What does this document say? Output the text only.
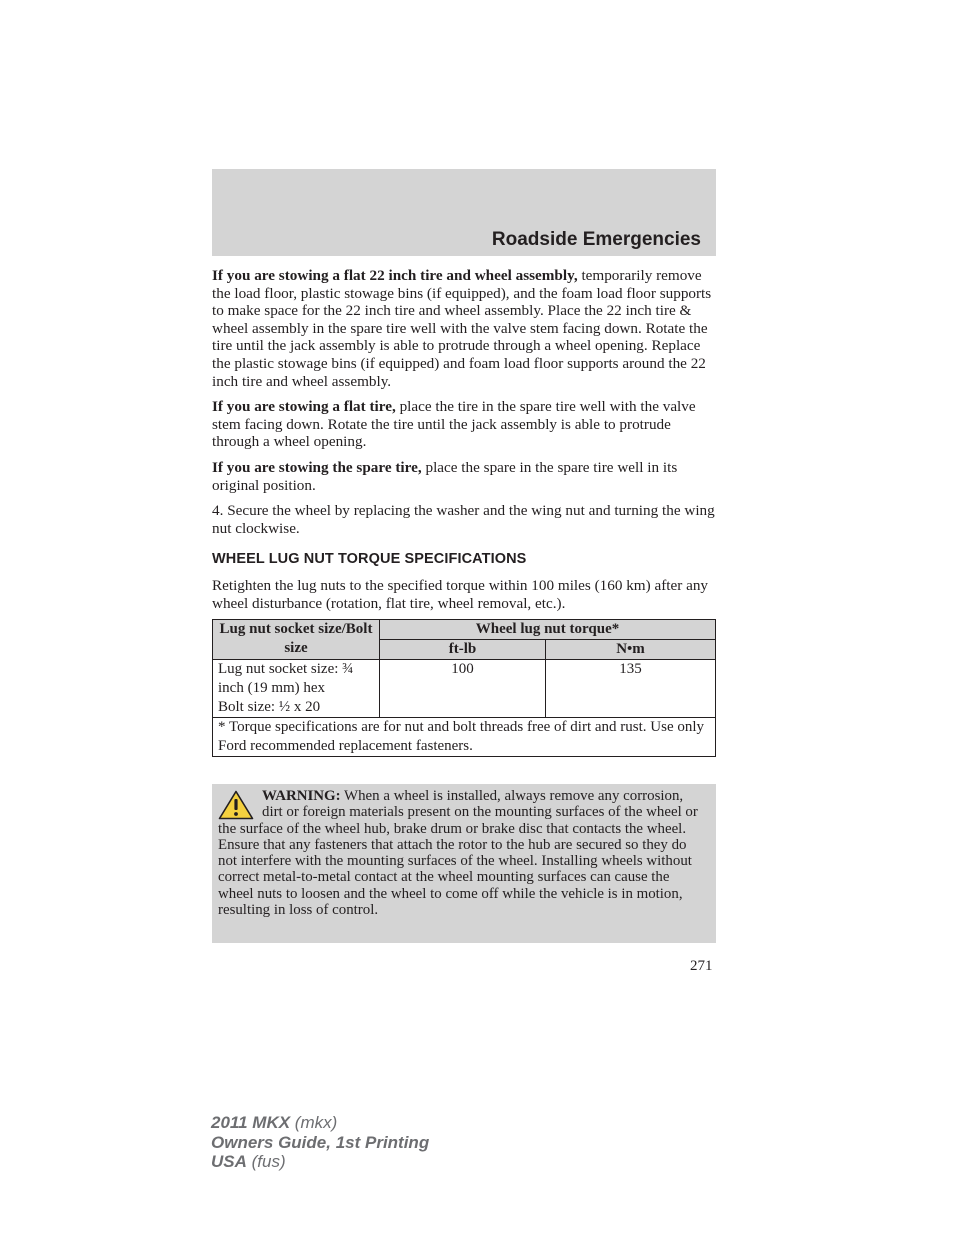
Roadside Emergencies

If you are stowing a flat 22 inch tire and wheel assembly, temporarily remove the load floor, plastic stowage bins (if equipped), and the foam load floor supports to make space for the 22 inch tire and wheel assembly. Place the 22 inch tire & wheel assembly in the spare tire well with the valve stem facing down. Rotate the tire until the jack assembly is able to protrude through a wheel opening. Replace the plastic stowage bins (if equipped) and foam load floor supports around the 22 inch tire and wheel assembly.

If you are stowing a flat tire, place the tire in the spare tire well with the valve stem facing down. Rotate the tire until the jack assembly is able to protrude through a wheel opening.

If you are stowing the spare tire, place the spare in the spare tire well in its original position.

4. Secure the wheel by replacing the washer and the wing nut and turning the wing nut clockwise.

WHEEL LUG NUT TORQUE SPECIFICATIONS

Retighten the lug nuts to the specified torque within 100 miles (160 km) after any wheel disturbance (rotation, flat tire, wheel removal, etc.).

Lug nut socket size/Bolt size	Wheel lug nut torque*	
	ft-lb	N•m

Lug nut socket size: ¾ inch (19 mm) hex
Bolt size: ½ x 20	100	135
* Torque specifications are for nut and bolt threads free of dirt and rust. Use only Ford recommended replacement fasteners.		
WARNING: When a wheel is installed, always remove any corrosion, dirt or foreign materials present on the mounting surfaces of the wheel or the surface of the wheel hub, brake drum or brake disc that contacts the wheel. Ensure that any fasteners that attach the rotor to the hub are secured so they do not interfere with the mounting surfaces of the wheel. Installing wheels without correct metal-to-metal contact at the wheel mounting surfaces can cause the wheel nuts to loosen and the wheel to come off while the vehicle is in motion, resulting in loss of control.
271
2011 MKX (mkx)
Owners Guide, 1st Printing
USA (fus)
